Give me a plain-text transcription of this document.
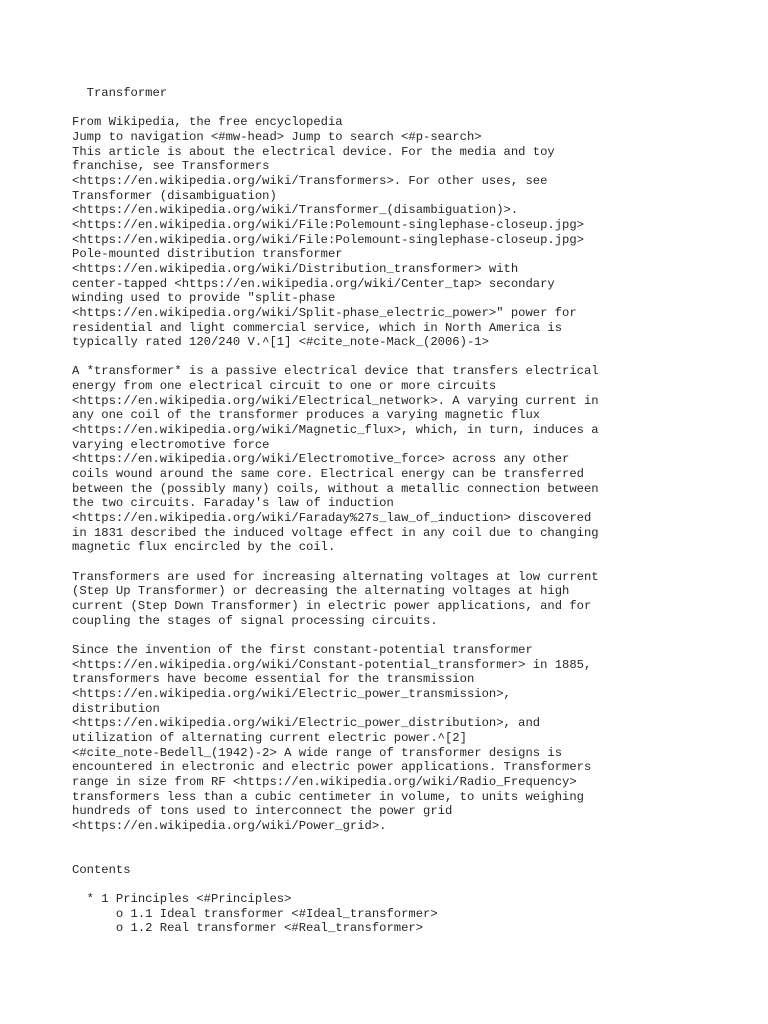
Transformer

From Wikipedia, the free encyclopedia
Jump to navigation <#mw-head> Jump to search <#p-search>
This article is about the electrical device. For the media and toy
franchise, see Transformers
<https://en.wikipedia.org/wiki/Transformers>. For other uses, see
Transformer (disambiguation)
<https://en.wikipedia.org/wiki/Transformer_(disambiguation)>.
<https://en.wikipedia.org/wiki/File:Polemount-singlephase-closeup.jpg>
<https://en.wikipedia.org/wiki/File:Polemount-singlephase-closeup.jpg>
Pole-mounted distribution transformer
<https://en.wikipedia.org/wiki/Distribution_transformer> with
center-tapped <https://en.wikipedia.org/wiki/Center_tap> secondary
winding used to provide "split-phase
<https://en.wikipedia.org/wiki/Split-phase_electric_power>" power for
residential and light commercial service, which in North America is
typically rated 120/240 V.^[1] <#cite_note-Mack_(2006)-1>

A *transformer* is a passive electrical device that transfers electrical
energy from one electrical circuit to one or more circuits
<https://en.wikipedia.org/wiki/Electrical_network>. A varying current in
any one coil of the transformer produces a varying magnetic flux
<https://en.wikipedia.org/wiki/Magnetic_flux>, which, in turn, induces a
varying electromotive force
<https://en.wikipedia.org/wiki/Electromotive_force> across any other
coils wound around the same core. Electrical energy can be transferred
between the (possibly many) coils, without a metallic connection between
the two circuits. Faraday's law of induction
<https://en.wikipedia.org/wiki/Faraday%27s_law_of_induction> discovered
in 1831 described the induced voltage effect in any coil due to changing
magnetic flux encircled by the coil.

Transformers are used for increasing alternating voltages at low current
(Step Up Transformer) or decreasing the alternating voltages at high
current (Step Down Transformer) in electric power applications, and for
coupling the stages of signal processing circuits.

Since the invention of the first constant-potential transformer
<https://en.wikipedia.org/wiki/Constant-potential_transformer> in 1885,
transformers have become essential for the transmission
<https://en.wikipedia.org/wiki/Electric_power_transmission>,
distribution
<https://en.wikipedia.org/wiki/Electric_power_distribution>, and
utilization of alternating current electric power.^[2]
<#cite_note-Bedell_(1942)-2> A wide range of transformer designs is
encountered in electronic and electric power applications. Transformers
range in size from RF <https://en.wikipedia.org/wiki/Radio_Frequency>
transformers less than a cubic centimeter in volume, to units weighing
hundreds of tons used to interconnect the power grid
<https://en.wikipedia.org/wiki/Power_grid>.

Contents

* 1 Principles <#Principles>
o 1.1 Ideal transformer <#Ideal_transformer>
o 1.2 Real transformer <#Real_transformer>
